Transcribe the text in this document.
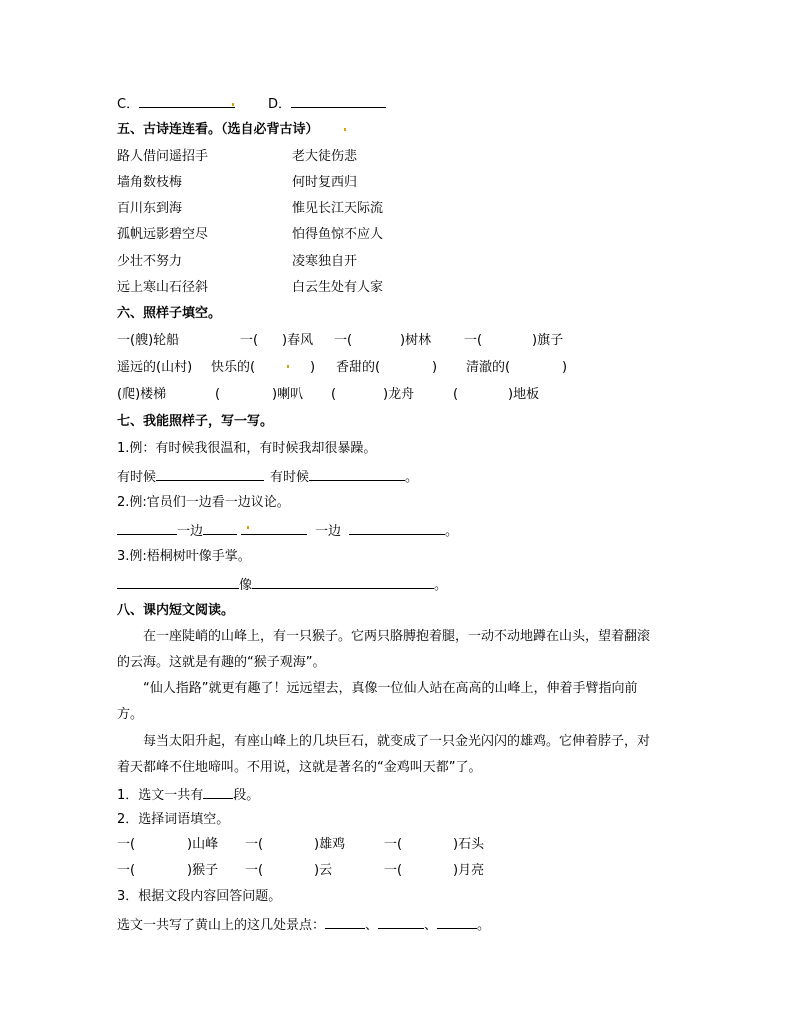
C．	D．
五、古诗连连看。（选自必背古诗）
路人借问遥招手	老大徒伤悲
墙角数枝梅	何时复西归
百川东到海	惟见长江天际流
孤帆远影碧空尽	怕得鱼惊不应人
少壮不努力	凌寒独自开
远上寒山石径斜	白云生处有人家
六、照样子填空。
一(艘)轮船	一( )春风 一(	)树林	一(	)旗子
遥远的(山村) 快乐的(	) 香甜的(	) 清澈的(	)
(爬)楼梯	(	)喇叭 (	)龙舟	(	)地板
七、我能照样子，写一写。
1.例：有时候我很温和，有时候我却很暴躁。
有时候	有时候	。
2.例:官员们一边看一边议论。
一边	一边	。
3.例:梧桐树叶像手掌。
像	。
八、课内短文阅读。
在一座陡峭的山峰上，有一只猴子。它两只胳膊抱着腿，一动不动地蹲在山头，望着翻滚
的云海。这就是有趣的“猴子观海”。
“仙人指路”就更有趣了！远远望去，真像一位仙人站在高高的山峰上，伸着手臂指向前
方。
每当太阳升起，有座山峰上的几块巨石，就变成了一只金光闪闪的雄鸡。它伸着脖子，对
着天都峰不住地啼叫。不用说，这就是著名的“金鸡叫天都”了。
1．选文一共有 段。
2．选择词语填空。
一(	)山峰 一(	)雄鸡	一(	)石头
一(	)猴子 一(	)云	一(	)月亮
3．根据文段内容回答问题。
选文一共写了黄山上的这几处景点：	、	、	。
